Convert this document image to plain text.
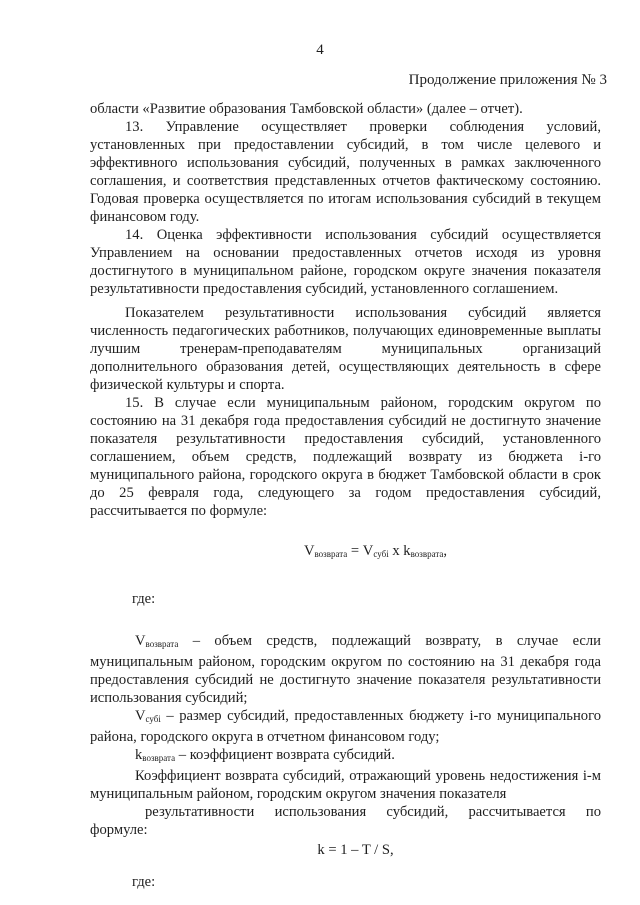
4
Продолжение приложения № 3

области «Развитие образования Тамбовской области» (далее – отчет).

13. Управление осуществляет проверки соблюдения условий, установленных при предоставлении субсидий, в том числе целевого и эффективного использования субсидий, полученных в рамках заключенного соглашения, и соответствия представленных отчетов фактическому состоянию. Годовая проверка осуществляется по итогам использования субсидий в текущем финансовом году.

14. Оценка эффективности использования субсидий осуществляется Управлением на основании предоставленных отчетов исходя из уровня достигнутого в муниципальном районе, городском округе значения показателя результативности предоставления субсидий, установленного соглашением.

Показателем результативности использования субсидий является численность педагогических работников, получающих единовременные выплаты лучшим тренерам-преподавателям муниципальных организаций дополнительного образования детей, осуществляющих деятельность в сфере физической культуры и спорта.

15. В случае если муниципальным районом, городским округом по состоянию на 31 декабря года предоставления субсидий не достигнуто значение показателя результативности предоставления субсидий, установленного соглашением, объем средств, подлежащий возврату из бюджета i-го муниципального района, городского округа в бюджет Тамбовской области в срок до 25 февраля года, следующего за годом предоставления субсидий, рассчитывается по формуле:

$V_{возврата} = V_{субi}$ x $k_{возврата}$,

где:

$V_{возврата}$ – объем средств, подлежащий возврату, в случае если муниципальным районом, городским округом по состоянию на 31 декабря года предоставления субсидий не достигнуто значение показателя результативности использования субсидий;

$V_{субi}$ – размер субсидий, предоставленных бюджету i-го муниципального района, городского округа в отчетном финансовом году;

$k_{возврата}$ – коэффициент возврата субсидий.

Коэффициент возврата субсидий, отражающий уровень недостижения i-м муниципальным районом, городским округом значения показателя

результативности использования субсидий, рассчитывается по

формуле:

k = 1 – T / S,

где:
